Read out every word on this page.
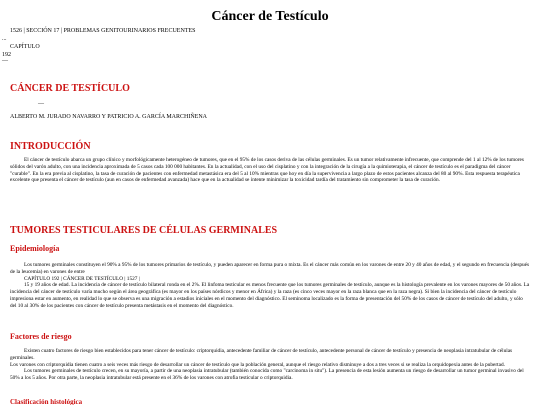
Cáncer de Testículo
1526 | SECCIÓN 17 | PROBLEMAS GENITOURINARIOS FRECUENTES
...
CAPÍTULO
192
—
CÁNCER DE TESTÍCULO
—
ALBERTO M. JURADO NAVARRO Y PATRICIO A. GARCÍA MARCHIÑENA
INTRODUCCIÓN
El cáncer de testículo abarca un grupo clínico y morfológicamente heterogéneo de tumores, que en el 95% de los casos deriva de las células germinales. Es un tumor relativamente infrecuente, que comprende del 1 al 12% de los tumores sólidos del varón adulto, con una incidencia aproximada de 5 casos cada 100 000 habitantes. En la actualidad, con el uso del cisplatino y con la integración de la cirugía a la quimioterapia, el cáncer de testículo es el paradigma del cáncer "curable". En la era previa al cisplatino, la tasa de curación de pacientes con enfermedad metastásica era del 5 al 10% mientras que hoy en día la supervivencia a largo plazo de estos pacientes alcanza del 80 al 90%. Esta respuesta terapéutica excelente que presenta el cáncer de testículo (aun en casos de enfermedad avanzada) hace que en la actualidad se intente minimizar la toxicidad tardía del tratamiento sin comprometer la tasa de curación.
TUMORES TESTICULARES DE CÉLULAS GERMINALES
Epidemiología
Los tumores germinales constituyen el 90% a 95% de los tumores primarios de testículo, y pueden aparecer en forma pura o mixta. Es el cáncer más común en los varones de entre 20 y 40 años de edad, y el segundo en frecuencia (después de la leucemia) en varones de entre
CAPÍTULO 192 | CÁNCER DE TESTÍCULO | 1527 |
15 y 19 años de edad. La incidencia de cáncer de testículo bilateral ronda en el 2%. El linfoma testicular es menos frecuente que los tumores germinales de testículo, aunque es la histología prevalente en los varones mayores de 50 años. La incidencia del cáncer de testículo varía mucho según el área geográfica (es mayor en los países nórdicos y menor en África) y la raza (es cinco veces mayor en la raza blanca que en la raza negra). Si bien la incidencia del cáncer de testículo impresiona estar en aumento, en realidad lo que se observa es una migración a estadios iniciales en el momento del diagnóstico. El seminoma localizado es la forma de presentación del 50% de los casos de cáncer de testículo del adulto, y sólo del 10 al 30% de los pacientes con cáncer de testículo presenta metástasis en el momento del diagnóstico.
Factores de riesgo
Existen cuatro factores de riesgo bien establecidos para tener cáncer de testículo: criptorquidia, antecedente familiar de cáncer de testículo, antecedente personal de cáncer de testículo y presencia de neoplasia intratubular de células germinales.
Los varones con criptorquidia tienen cuatro a seis veces más riesgo de desarrollar un cáncer de testículo que la población general, aunque el riesgo relativo disminuye a dos a tres veces si se realiza la orquidopexia antes de la pubertad.
Los tumores germinales de testículo crecen, en su mayoría, a partir de una neoplasia intratubular (también conocida como "carcinoma in situ"). La presencia de esta lesión aumenta un riesgo de desarrollar un tumor germinal invasivo del 50% a los 5 años. Por otra parte, la neoplasia intratubular está presente en el 36% de los varones con atrofia testicular o criptorquidia.
Clasificación histológica
